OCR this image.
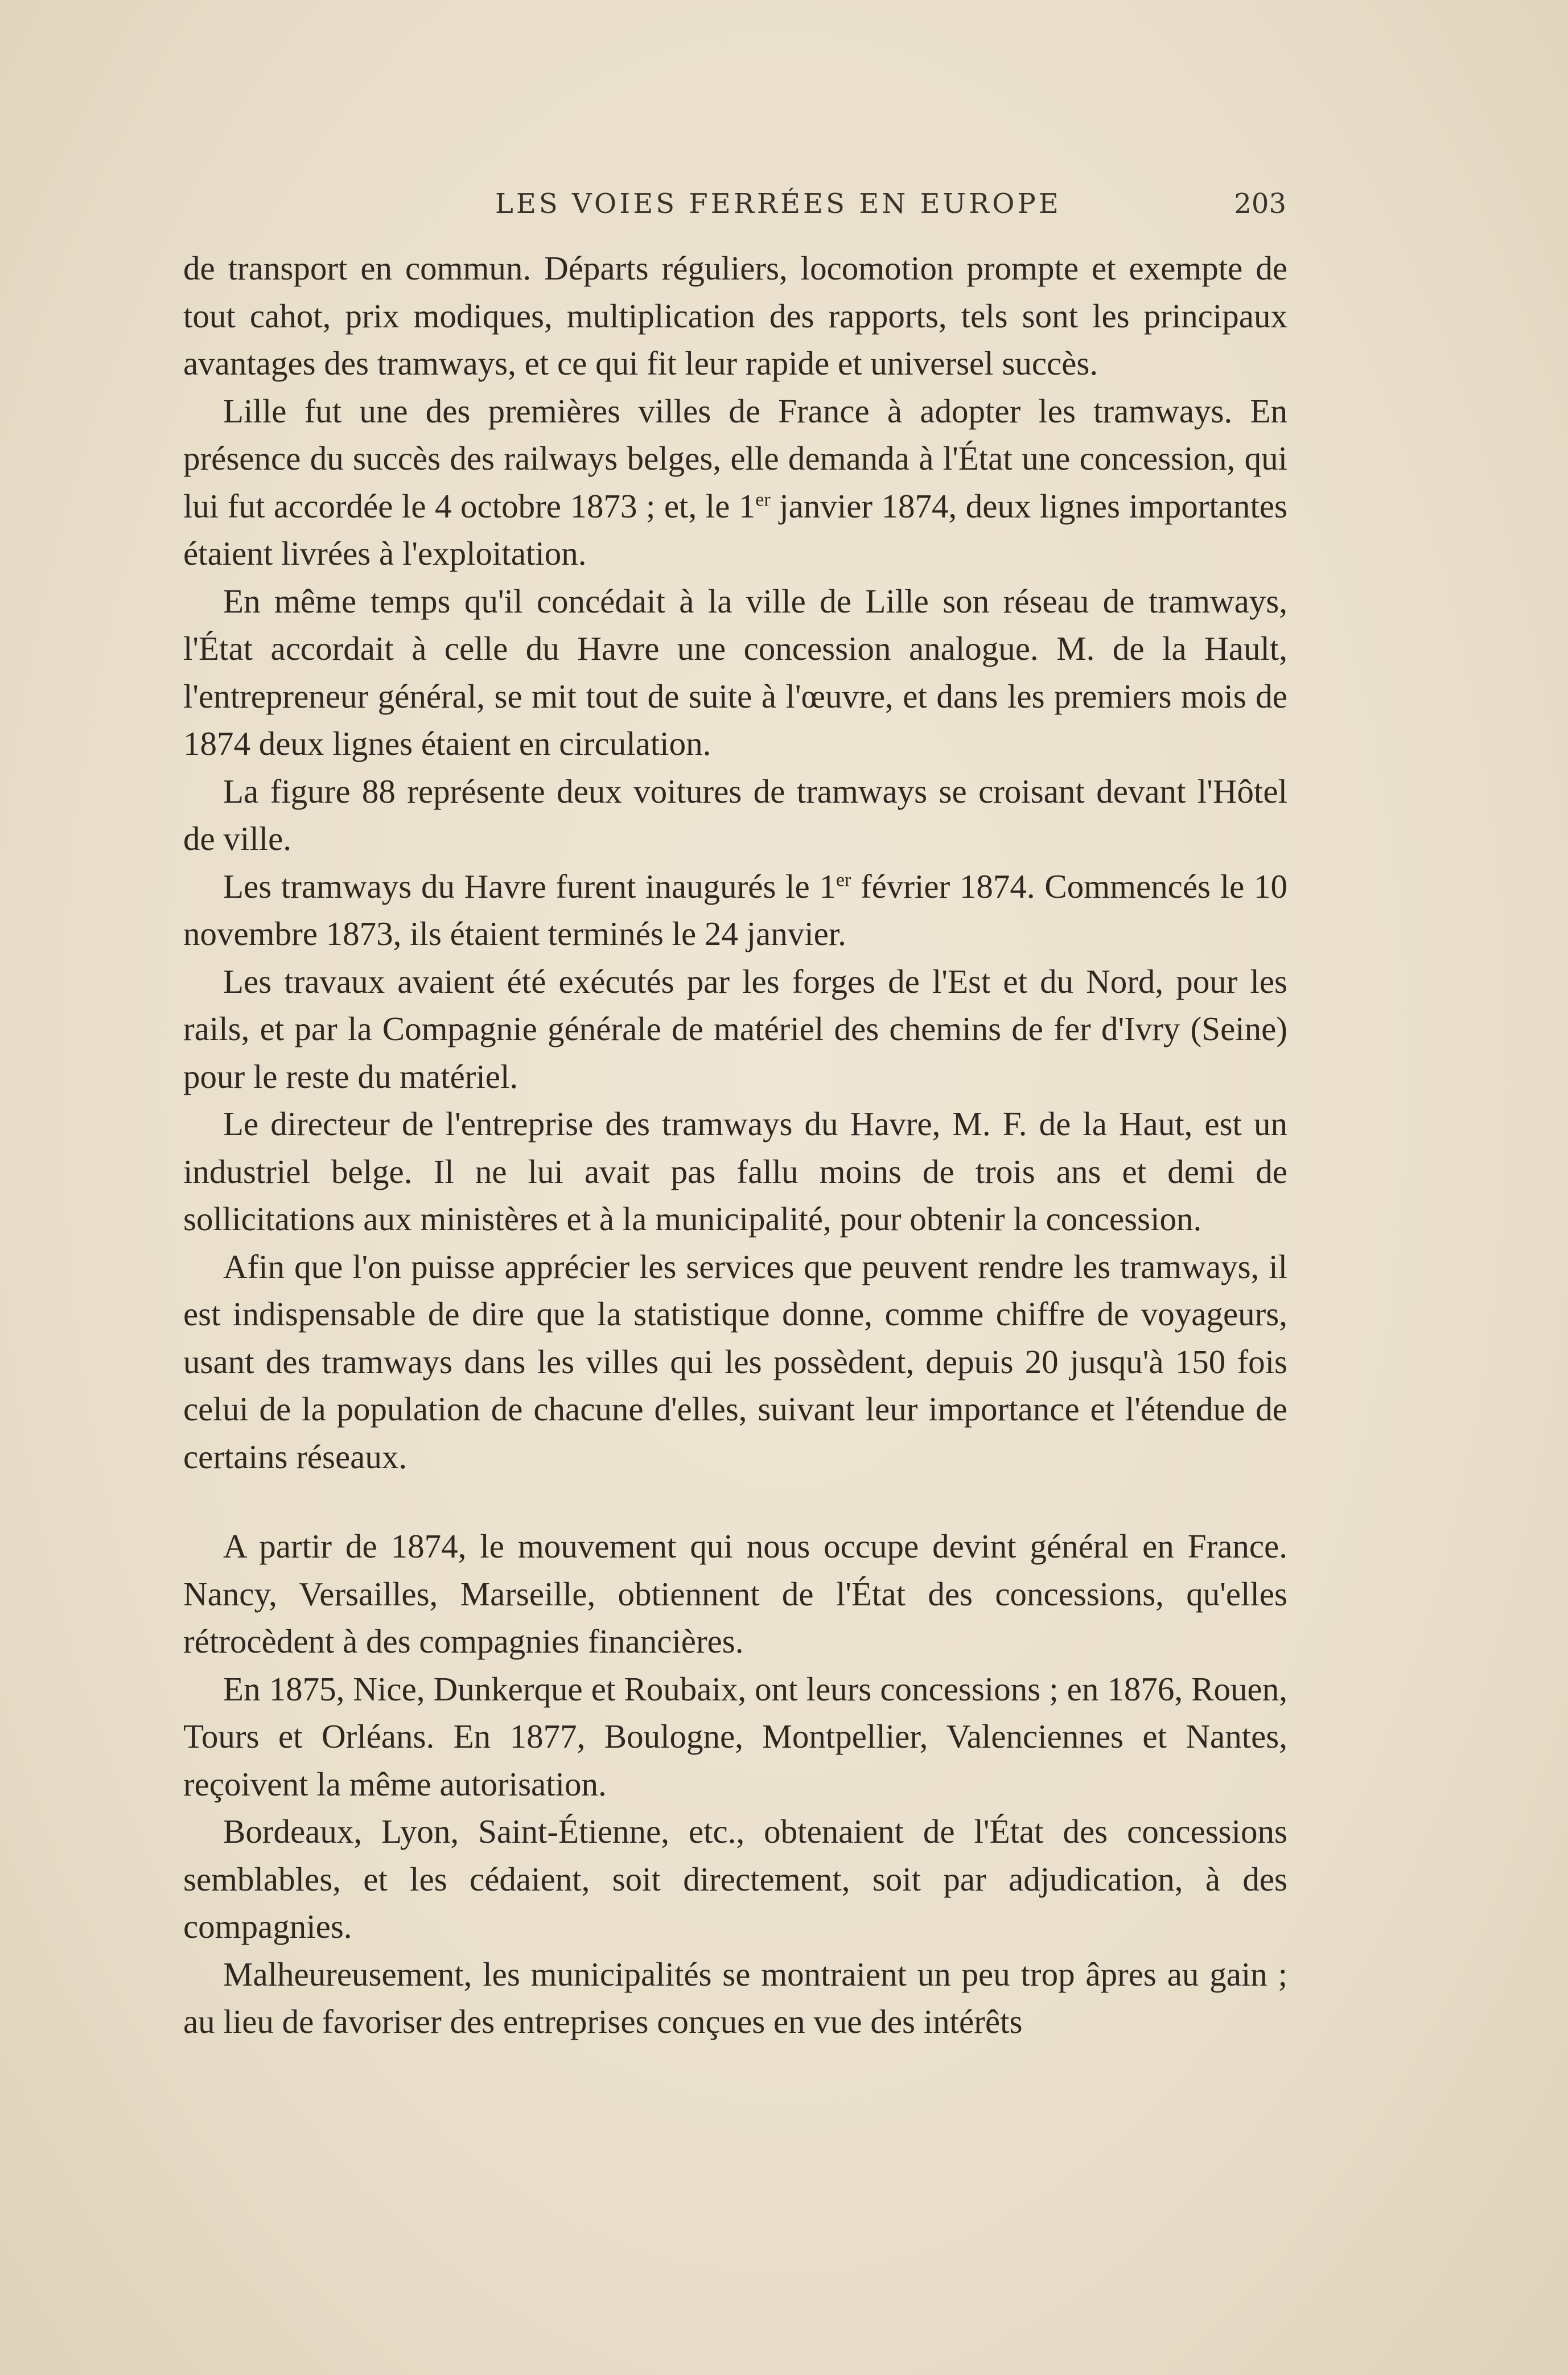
LES VOIES FERRÉES EN EUROPE	203

de transport en commun. Départs réguliers, locomotion prompte et exempte de tout cahot, prix modiques, multiplication des rapports, tels sont les principaux avantages des tramways, et ce qui fit leur rapide et universel succès.

Lille fut une des premières villes de France à adopter les tramways. En présence du succès des railways belges, elle demanda à l'État une concession, qui lui fut accordée le 4 octobre 1873 ; et, le 1er janvier 1874, deux lignes importantes étaient livrées à l'exploitation.

En même temps qu'il concédait à la ville de Lille son réseau de tramways, l'État accordait à celle du Havre une concession analogue. M. de la Hault, l'entrepreneur général, se mit tout de suite à l'œuvre, et dans les premiers mois de 1874 deux lignes étaient en circulation.

La figure 88 représente deux voitures de tramways se croisant devant l'Hôtel de ville.

Les tramways du Havre furent inaugurés le 1er février 1874. Commencés le 10 novembre 1873, ils étaient terminés le 24 janvier.

Les travaux avaient été exécutés par les forges de l'Est et du Nord, pour les rails, et par la Compagnie générale de matériel des chemins de fer d'Ivry (Seine) pour le reste du matériel.

Le directeur de l'entreprise des tramways du Havre, M. F. de la Haut, est un industriel belge. Il ne lui avait pas fallu moins de trois ans et demi de sollicitations aux ministères et à la municipalité, pour obtenir la concession.

Afin que l'on puisse apprécier les services que peuvent rendre les tramways, il est indispensable de dire que la statistique donne, comme chiffre de voyageurs, usant des tramways dans les villes qui les possèdent, depuis 20 jusqu'à 150 fois celui de la population de chacune d'elles, suivant leur importance et l'étendue de certains réseaux.

A partir de 1874, le mouvement qui nous occupe devint général en France. Nancy, Versailles, Marseille, obtiennent de l'État des concessions, qu'elles rétrocèdent à des compagnies financières.

En 1875, Nice, Dunkerque et Roubaix, ont leurs concessions ; en 1876, Rouen, Tours et Orléans. En 1877, Boulogne, Montpellier, Valenciennes et Nantes, reçoivent la même autorisation.

Bordeaux, Lyon, Saint-Étienne, etc., obtenaient de l'État des concessions semblables, et les cédaient, soit directement, soit par adjudication, à des compagnies.

Malheureusement, les municipalités se montraient un peu trop âpres au gain ; au lieu de favoriser des entreprises conçues en vue des intérêts
